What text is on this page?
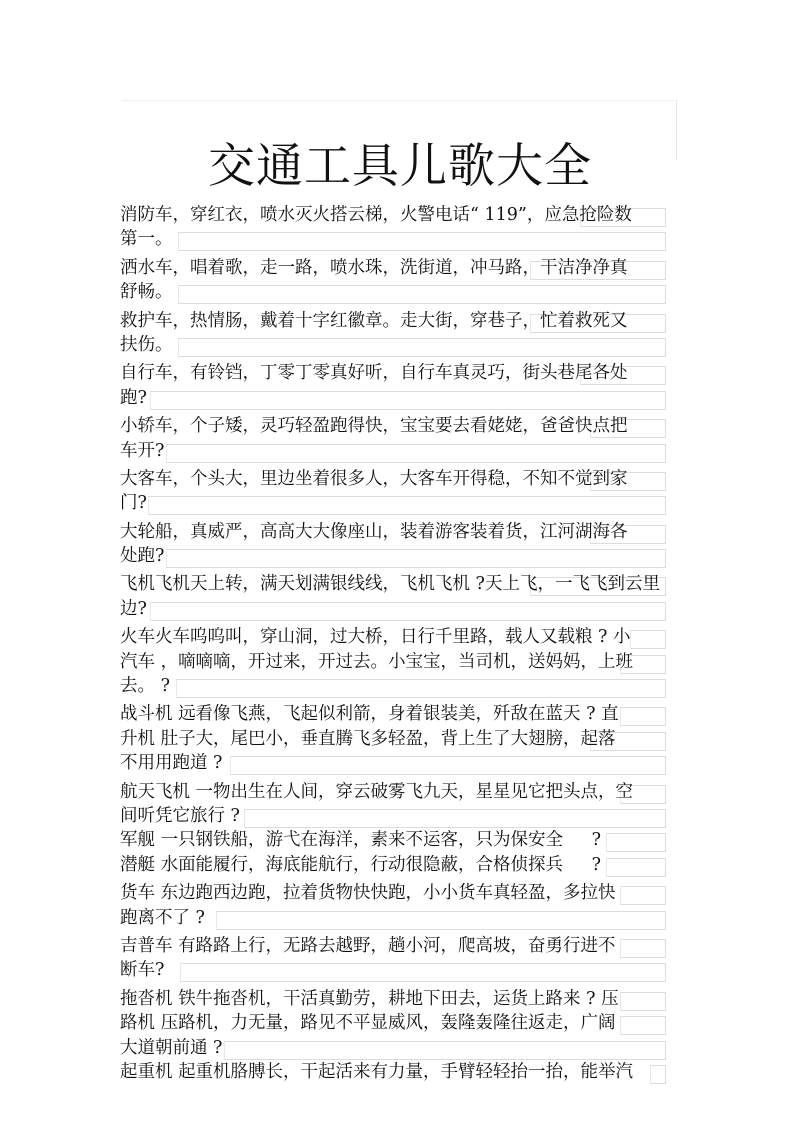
交通工具儿歌大全
消防车，穿红衣，喷水灭火搭云梯，火警电话“ 119”，应急抢险数
第一。
洒水车，唱着歌，走一路，喷水珠，洗街道，冲马路，干洁净净真
舒畅。
救护车，热情肠，戴着十字红徽章。走大街，穿巷子，忙着救死又
扶伤。
自行车，有铃铛，丁零丁零真好听，自行车真灵巧，街头巷尾各处
跑?
小轿车，个子矮，灵巧轻盈跑得快，宝宝要去看姥姥，爸爸快点把
车开?
大客车，个头大，里边坐着很多人，大客车开得稳，不知不觉到家
门?
大轮船，真威严，高高大大像座山，装着游客装着货，江河湖海各
处跑?
飞机飞机天上转，满天划满银线线，飞机飞机 ?天上飞，一飞飞到云里
边?
火车火车呜呜叫，穿山洞，过大桥，日行千里路，载人又载粮 ? 小
汽车 ，嘀嘀嘀，开过来，开过去。小宝宝，当司机，送妈妈，上班
去。 ?
战斗机 远看像飞燕，飞起似利箭，身着银装美，歼敌在蓝天 ? 直
升机 肚子大，尾巴小，垂直腾飞多轻盈，背上生了大翅膀，起落
不用用跑道 ?
航天飞机 一物出生在人间，穿云破雾飞九天，星星见它把头点，空
间听凭它旅行 ?
军舰 一只钢铁船，游弋在海洋，素来不运客，只为保安全 　 ?
潜艇 水面能履行，海底能航行，行动很隐蔽，合格侦探兵 　 ?
货车 东边跑西边跑，拉着货物快快跑，小小货车真轻盈，多拉快
跑离不了 ?
吉普车 有路路上行，无路去越野，趟小河，爬高坡，奋勇行进不
断车?
拖沓机 铁牛拖沓机，干活真勤劳，耕地下田去，运货上路来 ? 压
路机 压路机，力无量，路见不平显威风，轰隆轰隆往返走，广阔
大道朝前通 ?
起重机 起重机胳膊长，干起活来有力量，手臂轻轻抬一抬，能举汽
